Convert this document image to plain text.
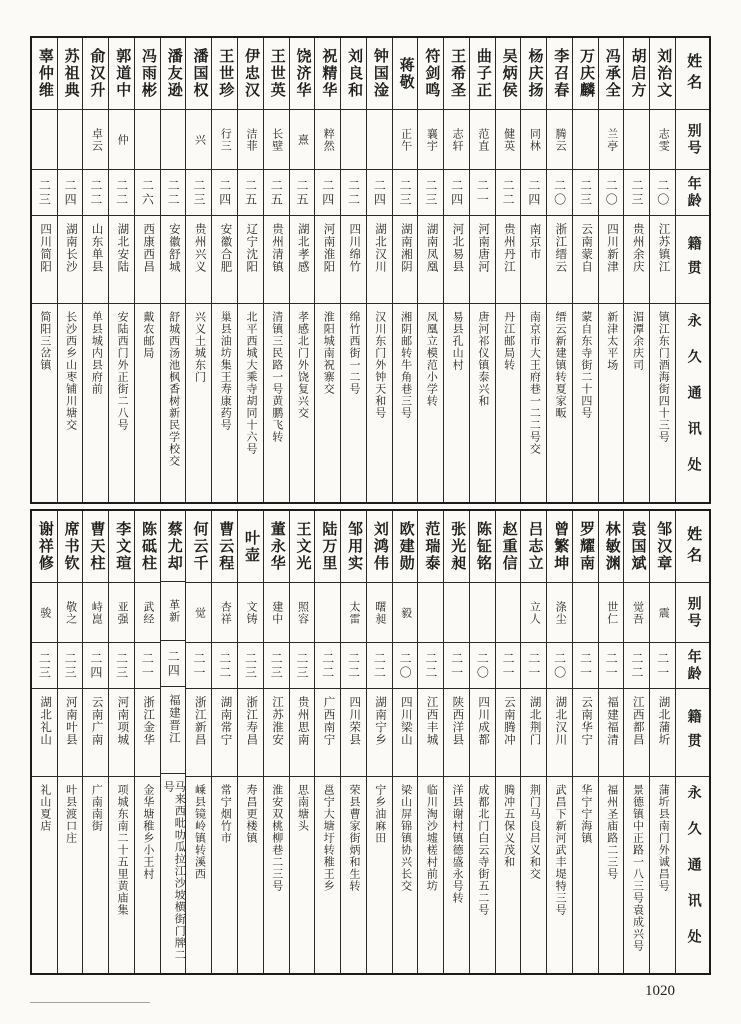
姓名
别号
年龄
籍贯
永久通讯处
刘治文
志雯
二〇
江苏镇江
镇江东门酒海街四十三号
胡启方
二三
贵州余庆
湄潭余庆司
冯承全
兰亭
二〇
四川新津
新津太平场
万庆麟
二三
云南蒙自
蒙自东寺街二十四号
李召春
腾云
二〇
浙江缙云
缙云新建镇转夏家畈
杨庆扬
同林
二四
南京市
南京市大王府巷一二二号交
吴炳侯
健英
二二
贵州丹江
丹江邮局转
曲子正
范直
二一
河南唐河
唐河祁仪镇泰兴和
王希圣
志轩
二四
河北易县
易县孔山村
符剑鸣
襄宇
二三
湖南凤凰
凤凰立模范小学转
蒋敬
正午
二三
湖南湘阴
湘阴邮转牛角巷三号
钟国淦
二四
湖北汉川
汉川东门外钟天和号
刘良和
二二
四川绵竹
绵竹西街一二号
祝精华
粹然
二四
河南淮阳
淮阳城南祝寨交
饶济华
熹
二五
湖北孝感
孝感北门外饶复兴交
王世英
长壁
二五
贵州清镇
清镇三民路一号黄鹏飞转
伊忠汉
洁菲
二五
辽宁沈阳
北平西城大乘寺胡同十六号
王世珍
行三
二四
安徽合肥
巢县油坊集王寿康药号
潘国权
兴
二三
贵州兴义
兴义土城东门
潘友逊
二二
安徽舒城
舒城西汤池枫香树新民学校交
冯雨彬
二六
西康西昌
戴农邮局
郭道中
仲
二二
湖北安陆
安陆西门外正街二八号
俞汉升
卓云
二二
山东单县
单县城内县府前
苏祖典
二四
湖南长沙
长沙西乡山枣铺川塘交
辜仲维
二三
四川简阳
简阳三岔镇
姓名
别号
年龄
籍贯
永久通讯处
邹汉章
震
二一
湖北蒲圻
蒲圻县南门外诚昌号
袁国斌
觉吾
二二
江西都昌
景德镇中正路一八三号袁成兴号
林敏渊
世仁
二一
福建福清
福州圣庙路二三号
罗耀南
二一
云南华宁
华宁宁海镇
曾繁坤
涤尘
二〇
湖北汉川
武昌下新河武丰堤特三号
吕志立
立人
二一
湖北荆门
荆门马良吕义和交
赵重信
二一
云南腾冲
腾冲五保义茂和
陈钲铭
二〇
四川成都
成都北门白云寺街五二号
张光昶
二一
陕西洋县
洋县谢村镇德盛永号转
范瑞泰
二二
江西丰城
临川淘沙墟槎村前坊
欧建勋
毅
二〇
四川梁山
梁山屏锦镇协兴长交
刘鸿伟
曙昶
二二
湖南宁乡
宁乡油麻田
邹用实
太雷
二二
四川荣县
荣县曹家街炳和生转
陆万里
二二
广西南宁
邕宁大塘圩转稚王乡
王文光
照容
二三
贵州思南
思南塘头
董永华
建中
二三
江苏淮安
淮安双桃柳巷二三号
叶壶
文铸
二三
浙江寿昌
寿昌更楼镇
曹云程
杏祥
二二
湖南常宁
常宁烟竹市
何云千
觉
二一
浙江新昌
嵊县镜岭镇转溪西
蔡尤却
革新
二四
福建晋江
马来西吡叻瓜拉江沙坡横街门牌二号
陈砥柱
武经
二一
浙江金华
金华塘稚乡小王村
李文瑄
亚强
二三
河南项城
项城东南二十五里黄庙集
曹天柱
峙崑
二四
云南广南
广南南街
席书钦
敬之
二三
河南叶县
叶县渡口庄
谢祥修
骏
二三
湖北礼山
礼山夏店
1020
